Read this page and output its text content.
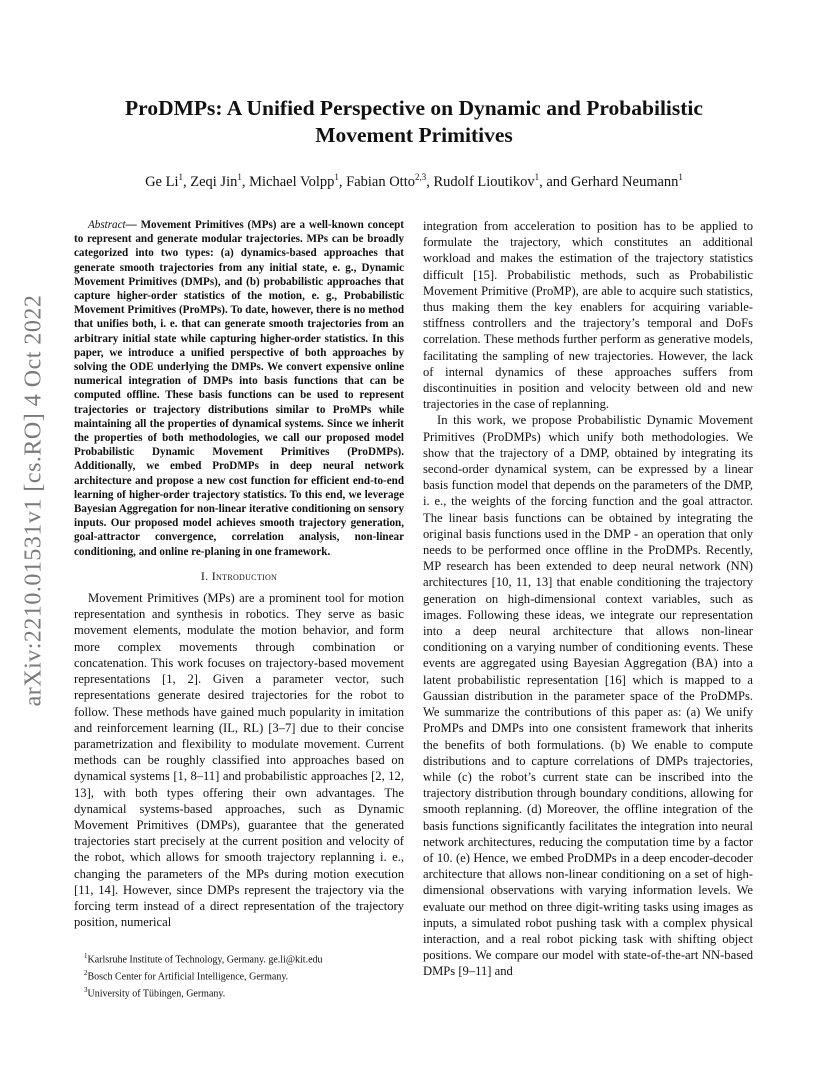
arXiv:2210.01531v1 [cs.RO] 4 Oct 2022
ProDMPs: A Unified Perspective on Dynamic and Probabilistic
Movement Primitives
Ge Li$^1$, Zeqi Jin$^1$, Michael Volpp$^1$, Fabian Otto$^{2,3}$, Rudolf Lioutikov$^1$, and Gerhard Neumann$^1$

Abstract— Movement Primitives (MPs) are a well-known concept to represent and generate modular trajectories. MPs can be broadly categorized into two types: (a) dynamics-based approaches that generate smooth trajectories from any initial state, e. g., Dynamic Movement Primitives (DMPs), and (b) probabilistic approaches that capture higher-order statistics of the motion, e. g., Probabilistic Movement Primitives (ProMPs). To date, however, there is no method that unifies both, i. e. that can generate smooth trajectories from an arbitrary initial state while capturing higher-order statistics. In this paper, we introduce a unified perspective of both approaches by solving the ODE underlying the DMPs. We convert expensive online numerical integration of DMPs into basis functions that can be computed offline. These basis functions can be used to represent trajectories or trajectory distributions similar to ProMPs while maintaining all the properties of dynamical systems. Since we inherit the properties of both methodologies, we call our proposed model Probabilistic Dynamic Movement Primitives (ProDMPs). Additionally, we embed ProDMPs in deep neural network architecture and propose a new cost function for efficient end-to-end learning of higher-order trajectory statistics. To this end, we leverage Bayesian Aggregation for non-linear iterative conditioning on sensory inputs. Our proposed model achieves smooth trajectory generation, goal-attractor convergence, correlation analysis, non-linear conditioning, and online re-planing in one framework.

I. Introduction

Movement Primitives (MPs) are a prominent tool for motion representation and synthesis in robotics. They serve as basic movement elements, modulate the motion behavior, and form more complex movements through combination or concatenation. This work focuses on trajectory-based movement representations [1, 2]. Given a parameter vector, such representations generate desired trajectories for the robot to follow. These methods have gained much popularity in imitation and reinforcement learning (IL, RL) [3–7] due to their concise parametrization and flexibility to modulate movement. Current methods can be roughly classified into approaches based on dynamical systems [1, 8–11] and probabilistic approaches [2, 12, 13], with both types offering their own advantages. The dynamical systems-based approaches, such as Dynamic Movement Primitives (DMPs), guarantee that the generated trajectories start precisely at the current position and velocity of the robot, which allows for smooth trajectory replanning i. e., changing the parameters of the MPs during motion execution [11, 14]. However, since DMPs represent the trajectory via the forcing term instead of a direct representation of the trajectory position, numerical

$^1$Karlsruhe Institute of Technology, Germany. ge.li@kit.edu
$^2$Bosch Center for Artificial Intelligence, Germany.
$^3$University of Tübingen, Germany.

integration from acceleration to position has to be applied to formulate the trajectory, which constitutes an additional workload and makes the estimation of the trajectory statistics difficult [15]. Probabilistic methods, such as Probabilistic Movement Primitive (ProMP), are able to acquire such statistics, thus making them the key enablers for acquiring variable-stiffness controllers and the trajectory’s temporal and DoFs correlation. These methods further perform as generative models, facilitating the sampling of new trajectories. However, the lack of internal dynamics of these approaches suffers from discontinuities in position and velocity between old and new trajectories in the case of replanning.

In this work, we propose Probabilistic Dynamic Movement Primitives (ProDMPs) which unify both methodologies. We show that the trajectory of a DMP, obtained by integrating its second-order dynamical system, can be expressed by a linear basis function model that depends on the parameters of the DMP, i. e., the weights of the forcing function and the goal attractor. The linear basis functions can be obtained by integrating the original basis functions used in the DMP - an operation that only needs to be performed once offline in the ProDMPs. Recently, MP research has been extended to deep neural network (NN) architectures [10, 11, 13] that enable conditioning the trajectory generation on high-dimensional context variables, such as images. Following these ideas, we integrate our representation into a deep neural architecture that allows non-linear conditioning on a varying number of conditioning events. These events are aggregated using Bayesian Aggregation (BA) into a latent probabilistic representation [16] which is mapped to a Gaussian distribution in the parameter space of the ProDMPs. We summarize the contributions of this paper as: (a) We unify ProMPs and DMPs into one consistent framework that inherits the benefits of both formulations. (b) We enable to compute distributions and to capture correlations of DMPs trajectories, while (c) the robot’s current state can be inscribed into the trajectory distribution through boundary conditions, allowing for smooth replanning. (d) Moreover, the offline integration of the basis functions significantly facilitates the integration into neural network architectures, reducing the computation time by a factor of 10. (e) Hence, we embed ProDMPs in a deep encoder-decoder architecture that allows non-linear conditioning on a set of high-dimensional observations with varying information levels. We evaluate our method on three digit-writing tasks using images as inputs, a simulated robot pushing task with a complex physical interaction, and a real robot picking task with shifting object positions. We compare our model with state-of-the-art NN-based DMPs [9–11] and
